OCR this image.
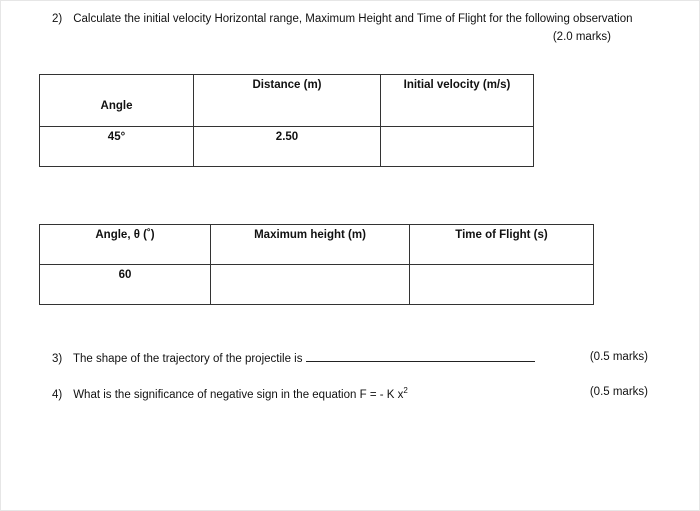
2) Calculate the initial velocity Horizontal range, Maximum Height and Time of Flight for the following observation
(2.0 marks)
Angle	Distance (m)	Initial velocity (m/s)
45°	2.50	
Angle, θ (˚)	Maximum height (m)	Time of Flight (s)
60		
3) The shape of the trajectory of the projectile is	(0.5 marks)
4) What is the significance of negative sign in the equation F = - K $x^2$	(0.5 marks)
